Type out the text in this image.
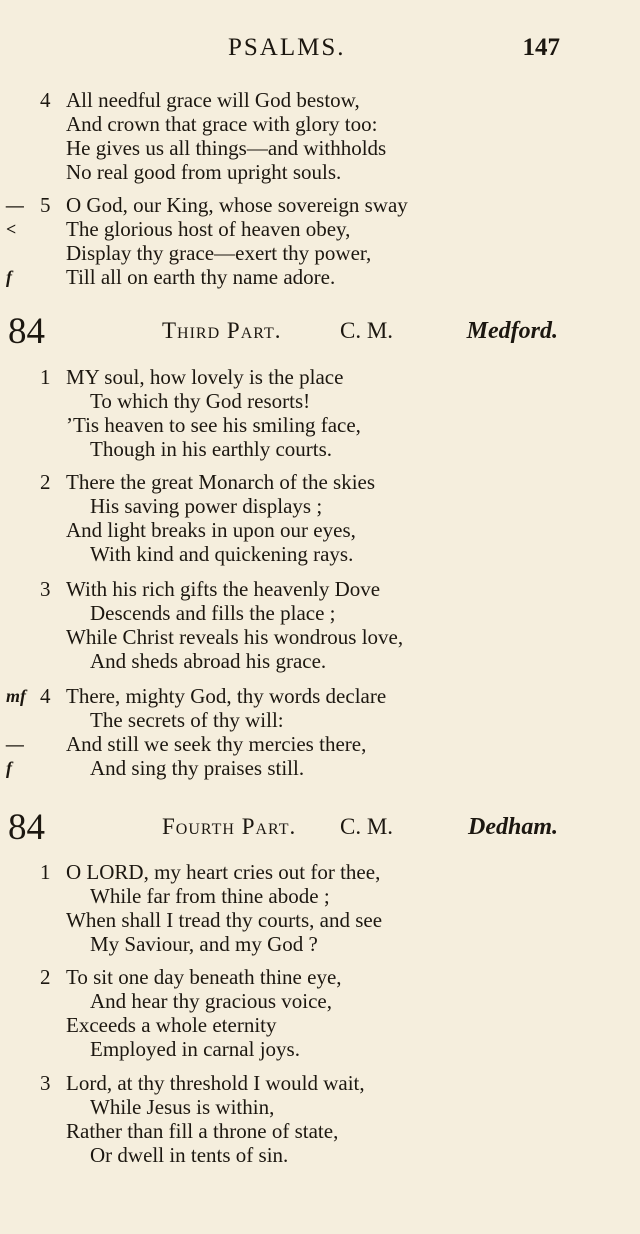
PSALMS.	147
4 All needful grace will God bestow,
And crown that grace with glory too:
He gives us all things—and withholds
No real good from upright souls.
— 5 O God, our King, whose sovereign sway
< The glorious host of heaven obey,
Display thy grace—exert thy power,
f	Till all on earth thy name adore.
84	Third Part.	C. M.	Medford.
1 MY soul, how lovely is the place
To which thy God resorts!
’Tis heaven to see his smiling face,
Though in his earthly courts.
2 There the great Monarch of the skies
His saving power displays ;
And light breaks in upon our eyes,
With kind and quickening rays.
3 With his rich gifts the heavenly Dove
Descends and fills the place ;
While Christ reveals his wondrous love,
And sheds abroad his grace.
mf 4 There, mighty God, thy words declare
The secrets of thy will:
— And still we seek thy mercies there,
f	And sing thy praises still.
84	Fourth Part. C. M.	Dedham.
1 O LORD, my heart cries out for thee,
While far from thine abode ;
When shall I tread thy courts, and see
My Saviour, and my God ?
2 To sit one day beneath thine eye,
And hear thy gracious voice,
Exceeds a whole eternity
Employed in carnal joys.
3 Lord, at thy threshold I would wait,
While Jesus is within,
Rather than fill a throne of state,
Or dwell in tents of sin.
